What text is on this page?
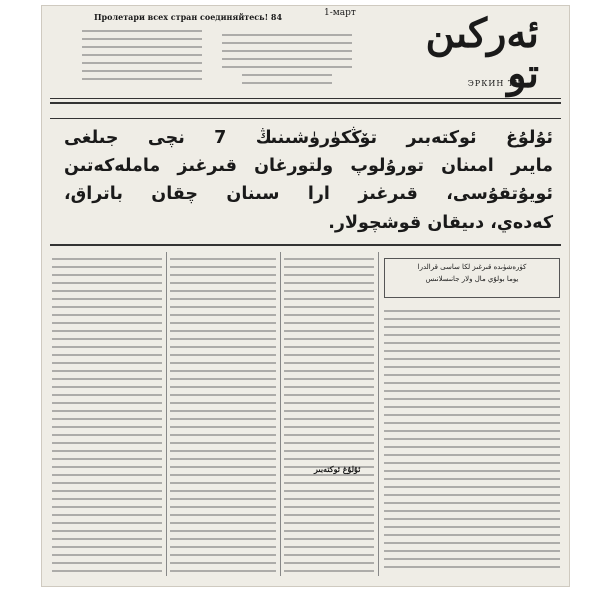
Пролетари всех стран соединяйтесь! 84	1-март	ئەركىن تو
ЭРКИН ТУ
ئۇلۇغ ئوكتەبىر تۆڭكۈرۈشىنىڭ 7 نچى جىلغى
مايىر امىنان تورۇلوپ ولتورغان قىرغىز ماملەكەتىن
ئويۇتقۇسى، قىرغىز ارا سىنان چقان باتراق،
كەدەي، دىيقان قوشچولار.
كۈرەشۈىدە قىرغىز لكا ساسى قرالدرا
يوما بولۇي مال ولار جانىسلانىس
ئۇلۇغ ئوكتەبىر
